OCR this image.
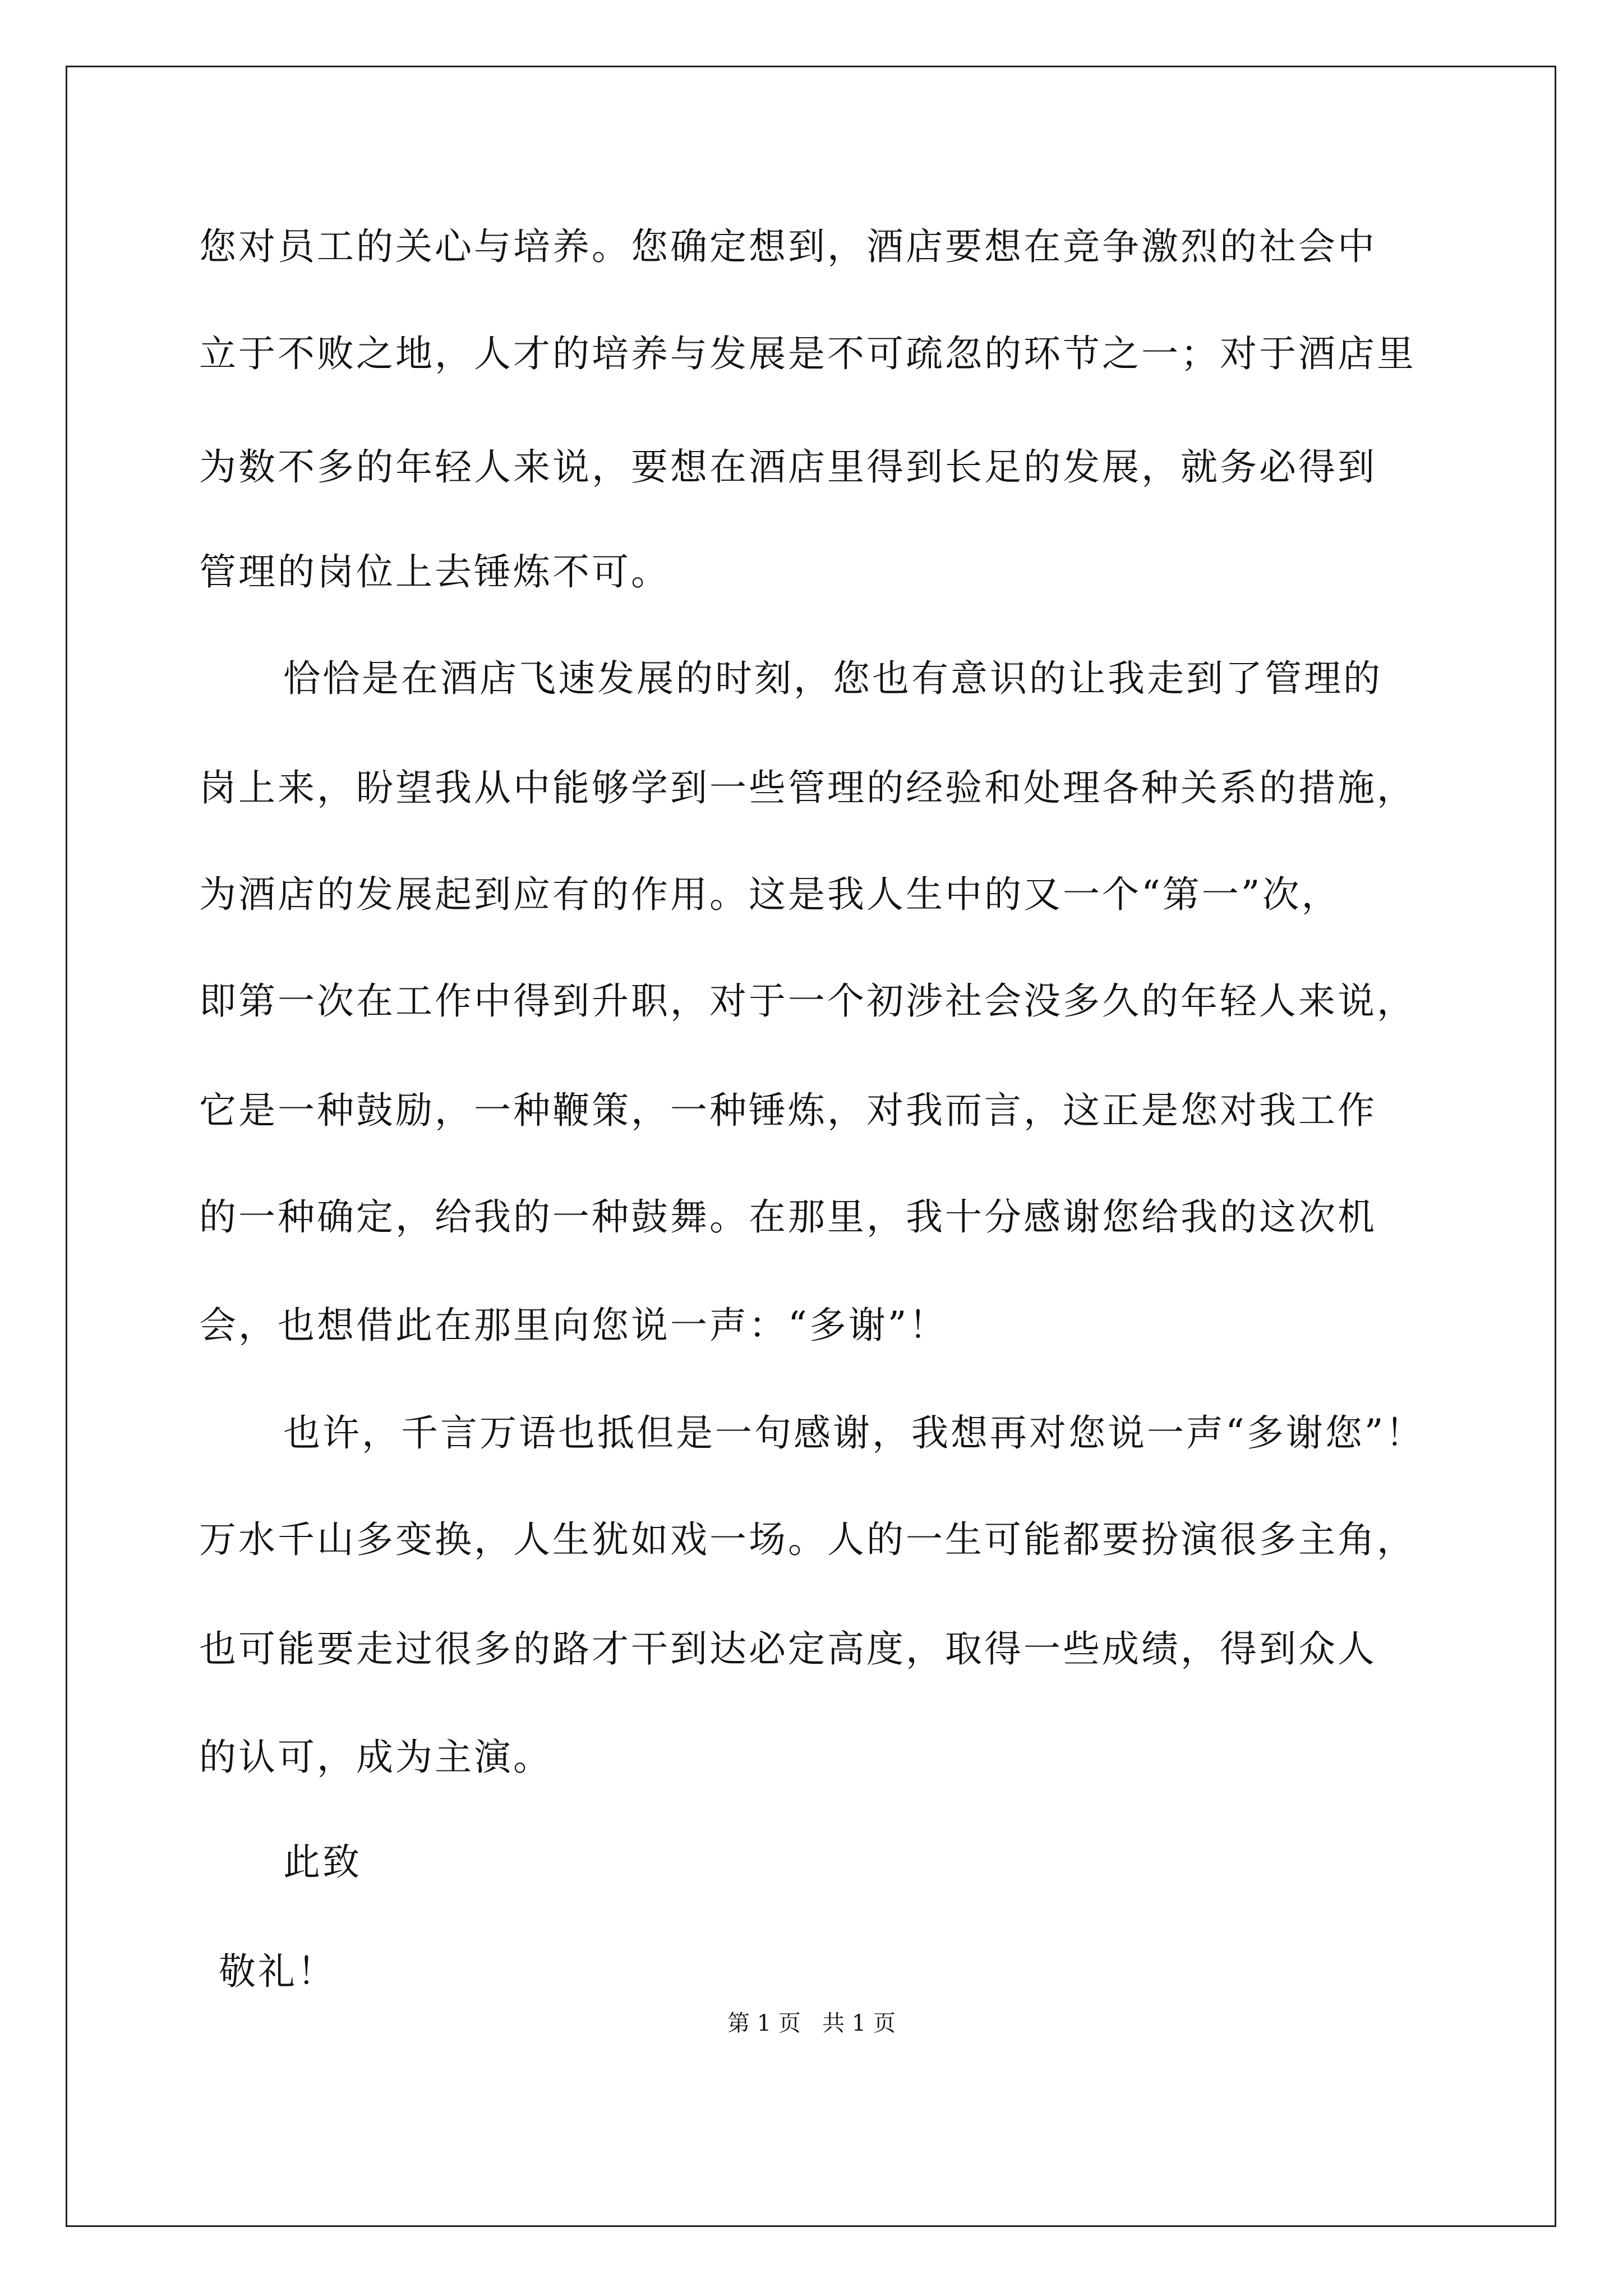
您对员工的关心与培养。您确定想到，酒店要想在竞争激烈的社会中
立于不败之地，人才的培养与发展是不可疏忽的环节之一；对于酒店里
为数不多的年轻人来说，要想在酒店里得到长足的发展，就务必得到
管理的岗位上去锤炼不可。
恰恰是在酒店飞速发展的时刻，您也有意识的让我走到了管理的
岗上来，盼望我从中能够学到一些管理的经验和处理各种关系的措施，
为酒店的发展起到应有的作用。这是我人生中的又一个“第一”次，
即第一次在工作中得到升职，对于一个初涉社会没多久的年轻人来说，
它是一种鼓励，一种鞭策，一种锤炼，对我而言，这正是您对我工作
的一种确定，给我的一种鼓舞。在那里，我十分感谢您给我的这次机
会，也想借此在那里向您说一声：“多谢”！
也许，千言万语也抵但是一句感谢，我想再对您说一声“多谢您”！
万水千山多变换，人生犹如戏一场。人的一生可能都要扮演很多主角，
也可能要走过很多的路才干到达必定高度，取得一些成绩，得到众人
的认可，成为主演。
此致
敬礼！
第 1 页   共 1 页
